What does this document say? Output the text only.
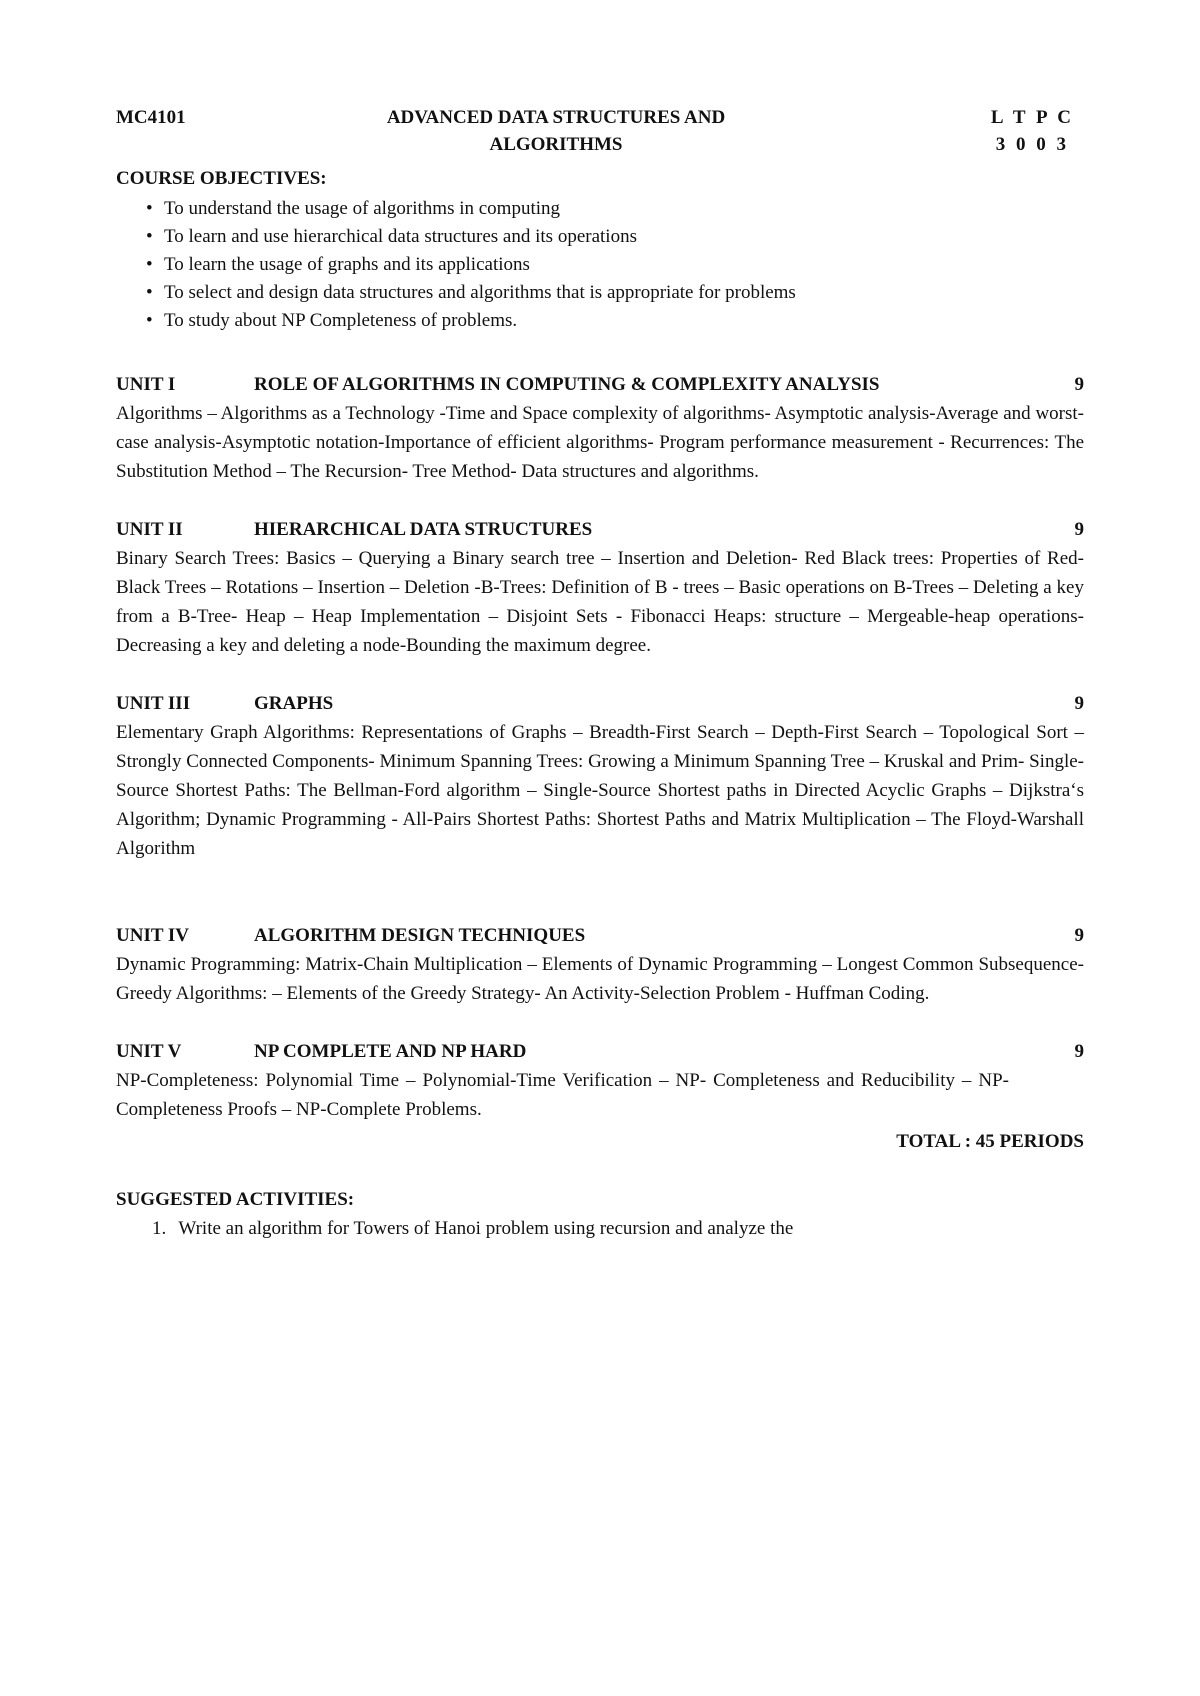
MC4101	ADVANCED DATA STRUCTURES AND
ALGORITHMS
L T P C
3 0 0 3
COURSE OBJECTIVES:
• To understand the usage of algorithms in computing
• To learn and use hierarchical data structures and its operations
• To learn the usage of graphs and its applications
• To select and design data structures and algorithms that is appropriate for problems
• To study about NP Completeness of problems.
UNIT I	ROLE OF ALGORITHMS IN COMPUTING & COMPLEXITY ANALYSIS	9
Algorithms – Algorithms as a Technology -Time and Space complexity of algorithms- Asymptotic analysis-Average and worst-case analysis-Asymptotic notation-Importance of efficient algorithms- Program performance measurement - Recurrences: The Substitution Method – The Recursion- Tree Method- Data structures and algorithms.
UNIT II	HIERARCHICAL DATA STRUCTURES	9
Binary Search Trees: Basics – Querying a Binary search tree – Insertion and Deletion- Red Black trees: Properties of Red-Black Trees – Rotations – Insertion – Deletion -B-Trees: Definition of B - trees – Basic operations on B-Trees – Deleting a key from a B-Tree- Heap – Heap Implementation – Disjoint Sets - Fibonacci Heaps: structure – Mergeable-heap operations- Decreasing a key and deleting a node-Bounding the maximum degree.
UNIT III	GRAPHS	9
Elementary Graph Algorithms: Representations of Graphs – Breadth-First Search – Depth-First Search – Topological Sort – Strongly Connected Components- Minimum Spanning Trees: Growing a Minimum Spanning Tree – Kruskal and Prim- Single-Source Shortest Paths: The Bellman-Ford algorithm – Single-Source Shortest paths in Directed Acyclic Graphs – Dijkstra‘s Algorithm; Dynamic Programming - All-Pairs Shortest Paths: Shortest Paths and Matrix Multiplication – The Floyd-Warshall Algorithm
UNIT IV	ALGORITHM DESIGN TECHNIQUES	9
Dynamic Programming: Matrix-Chain Multiplication – Elements of Dynamic Programming – Longest Common Subsequence- Greedy Algorithms: – Elements of the Greedy Strategy- An Activity-Selection Problem - Huffman Coding.
UNIT V	NP COMPLETE AND NP HARD	9
NP-Completeness: Polynomial Time – Polynomial-Time Verification – NP- Completeness and Reducibility – NP-Completeness Proofs – NP-Complete Problems.
TOTAL : 45 PERIODS
SUGGESTED ACTIVITIES:
1. Write an algorithm for Towers of Hanoi problem using recursion and analyze the
